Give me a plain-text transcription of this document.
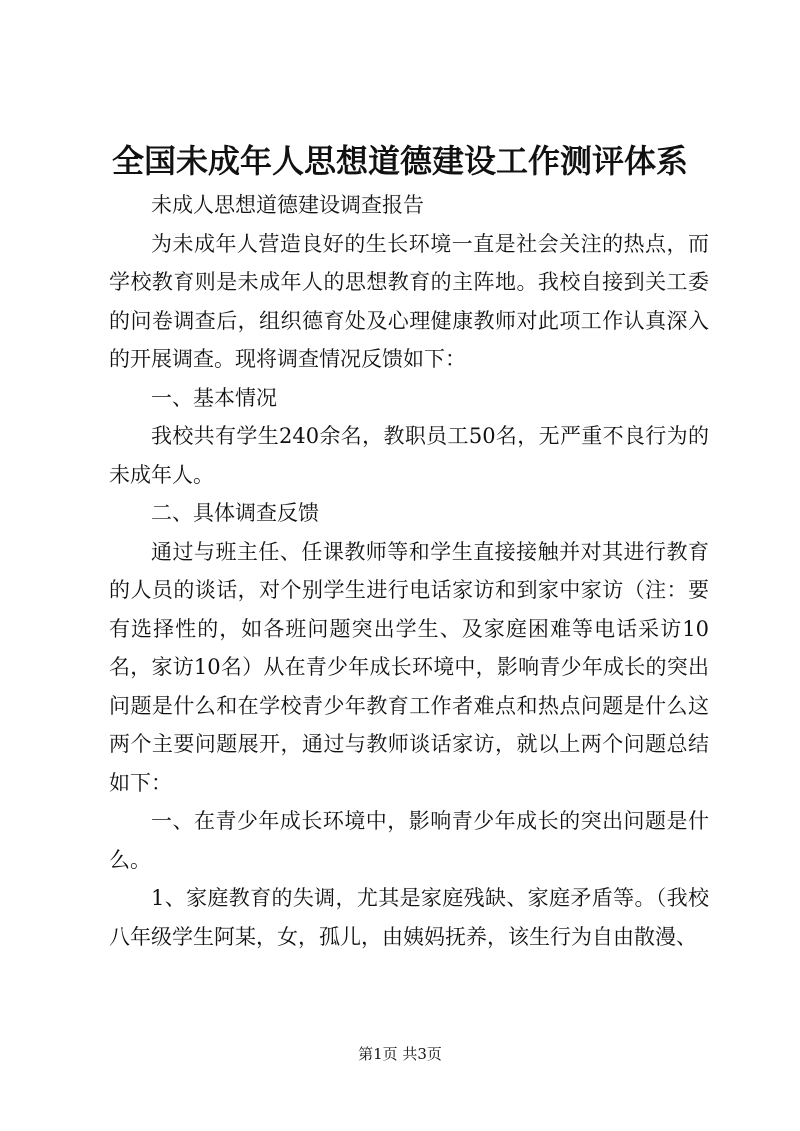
全国未成年人思想道德建设工作测评体系

未成人思想道德建设调查报告

为未成年人营造良好的生长环境一直是社会关注的热点，而学校教育则是未成年人的思想教育的主阵地。我校自接到关工委的问卷调查后，组织德育处及心理健康教师对此项工作认真深入的开展调查。现将调查情况反馈如下：

一、基本情况

我校共有学生240余名，教职员工50名，无严重不良行为的未成年人。

二、具体调查反馈

通过与班主任、任课教师等和学生直接接触并对其进行教育的人员的谈话，对个别学生进行电话家访和到家中家访（注：要有选择性的，如各班问题突出学生、及家庭困难等电话采访10名，家访10名）从在青少年成长环境中，影响青少年成长的突出问题是什么和在学校青少年教育工作者难点和热点问题是什么这两个主要问题展开，通过与教师谈话家访，就以上两个问题总结如下：

一、在青少年成长环境中，影响青少年成长的突出问题是什么。

1、家庭教育的失调，尤其是家庭残缺、家庭矛盾等。（我校八年级学生阿某，女，孤儿，由姨妈抚养，该生行为自由散漫、

第1页 共3页
